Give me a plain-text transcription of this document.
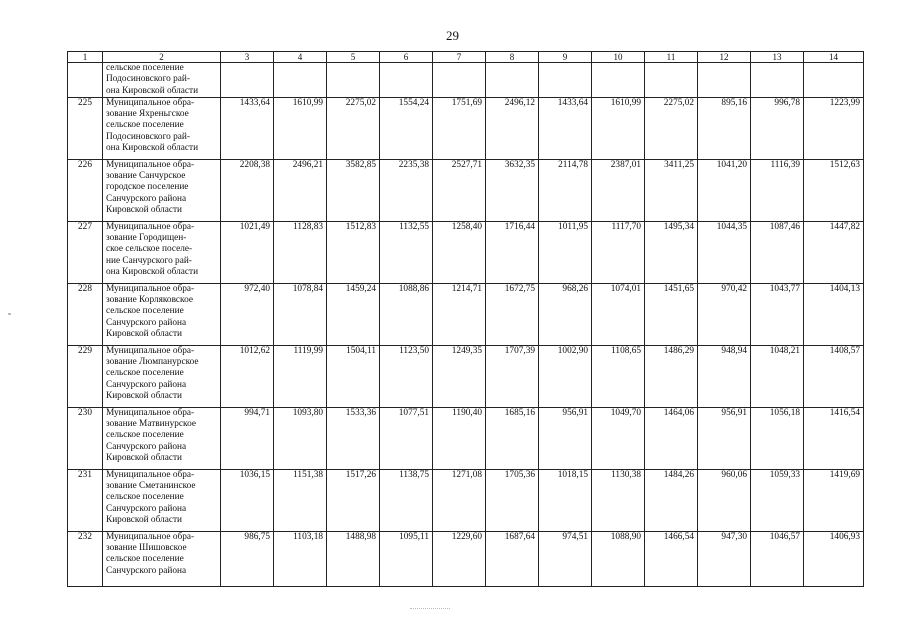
29
1	2	3	4	5	6	7	8	9	10	11	12	13	14
	сельское поселение
Подосиновского рай-
она Кировской области												
225	Муниципальное обра-
зование Яхреньгское
сельское поселение
Подосиновского рай-
она Кировской области	1433,64	1610,99	2275,02	1554,24	1751,69	2496,12	1433,64	1610,99	2275,02	895,16	996,78	1223,99
226	Муниципальное обра-
зование Санчурское
городское поселение
Санчурского района
Кировской области	2208,38	2496,21	3582,85	2235,38	2527,71	3632,35	2114,78	2387,01	3411,25	1041,20	1116,39	1512,63
227	Муниципальное обра-
зование Городищен-
ское сельское поселе-
ние Санчурского рай-
она Кировской области	1021,49	1128,83	1512,83	1132,55	1258,40	1716,44	1011,95	1117,70	1495,34	1044,35	1087,46	1447,82
228	Муниципальное обра-
зование Корляковское
сельское поселение
Санчурского района
Кировской области	972,40	1078,84	1459,24	1088,86	1214,71	1672,75	968,26	1074,01	1451,65	970,42	1043,77	1404,13
229	Муниципальное обра-
зование Люмпанурское
сельское поселение
Санчурского района
Кировской области	1012,62	1119,99	1504,11	1123,50	1249,35	1707,39	1002,90	1108,65	1486,29	948,94	1048,21	1408,57
230	Муниципальное обра-
зование Матвинурское
сельское поселение
Санчурского района
Кировской области	994,71	1093,80	1533,36	1077,51	1190,40	1685,16	956,91	1049,70	1464,06	956,91	1056,18	1416,54
231	Муниципальное обра-
зование Сметанинское
сельское поселение
Санчурского района
Кировской области	1036,15	1151,38	1517,26	1138,75	1271,08	1705,36	1018,15	1130,38	1484,26	960,06	1059,33	1419,69
232	Муниципальное обра-
зование Шишовское
сельское поселение
Санчурского района	986,75	1103,18	1488,98	1095,11	1229,60	1687,64	974,51	1088,90	1466,54	947,30	1046,57	1406,93
